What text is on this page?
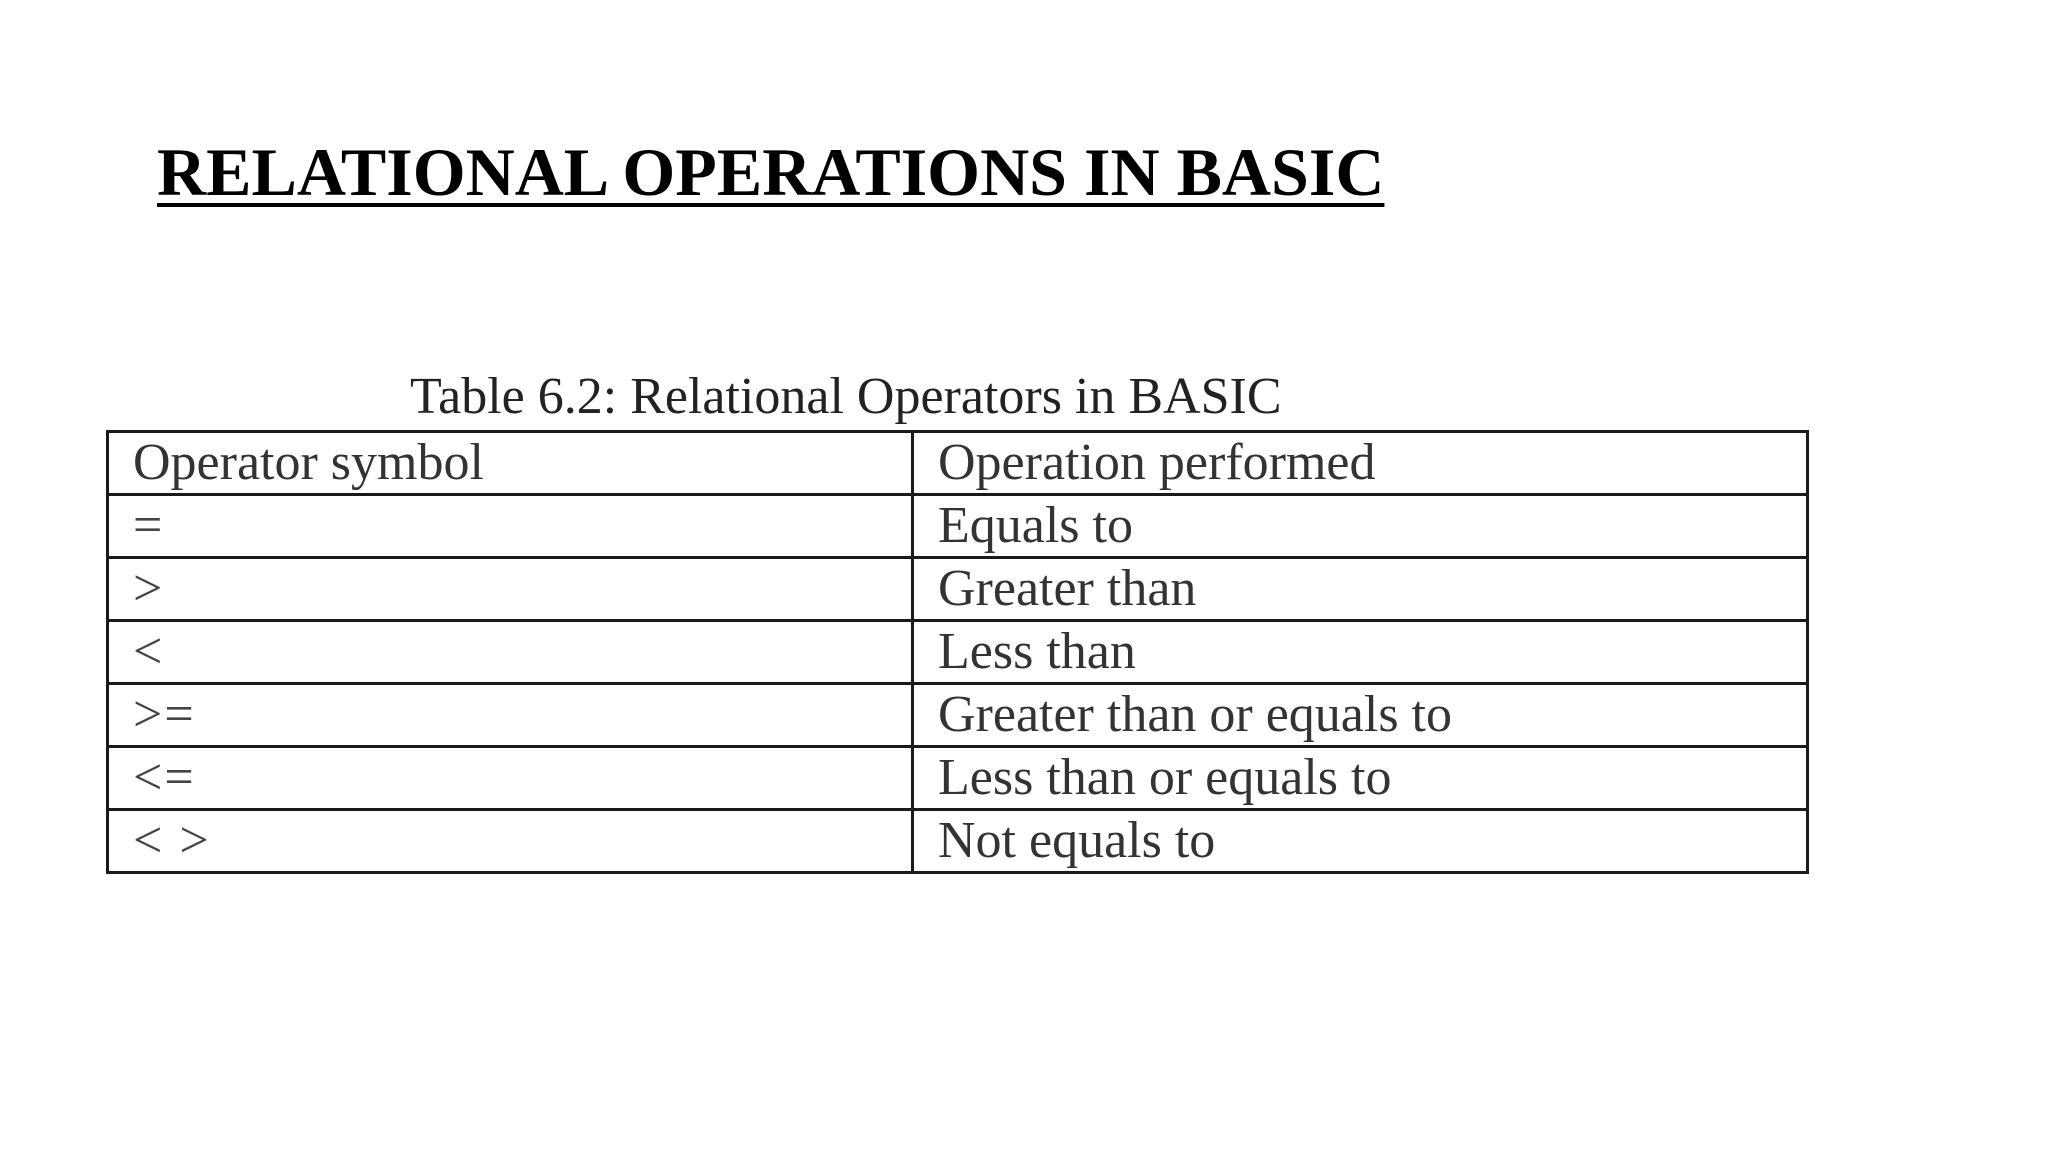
RELATIONAL OPERATIONS IN BASIC
Table 6.2: Relational Operators in BASIC
Operator symbol	Operation performed
=	Equals to
>	Greater than
<	Less than
>=	Greater than or equals to
<=	Less than or equals to
< >	Not equals to
